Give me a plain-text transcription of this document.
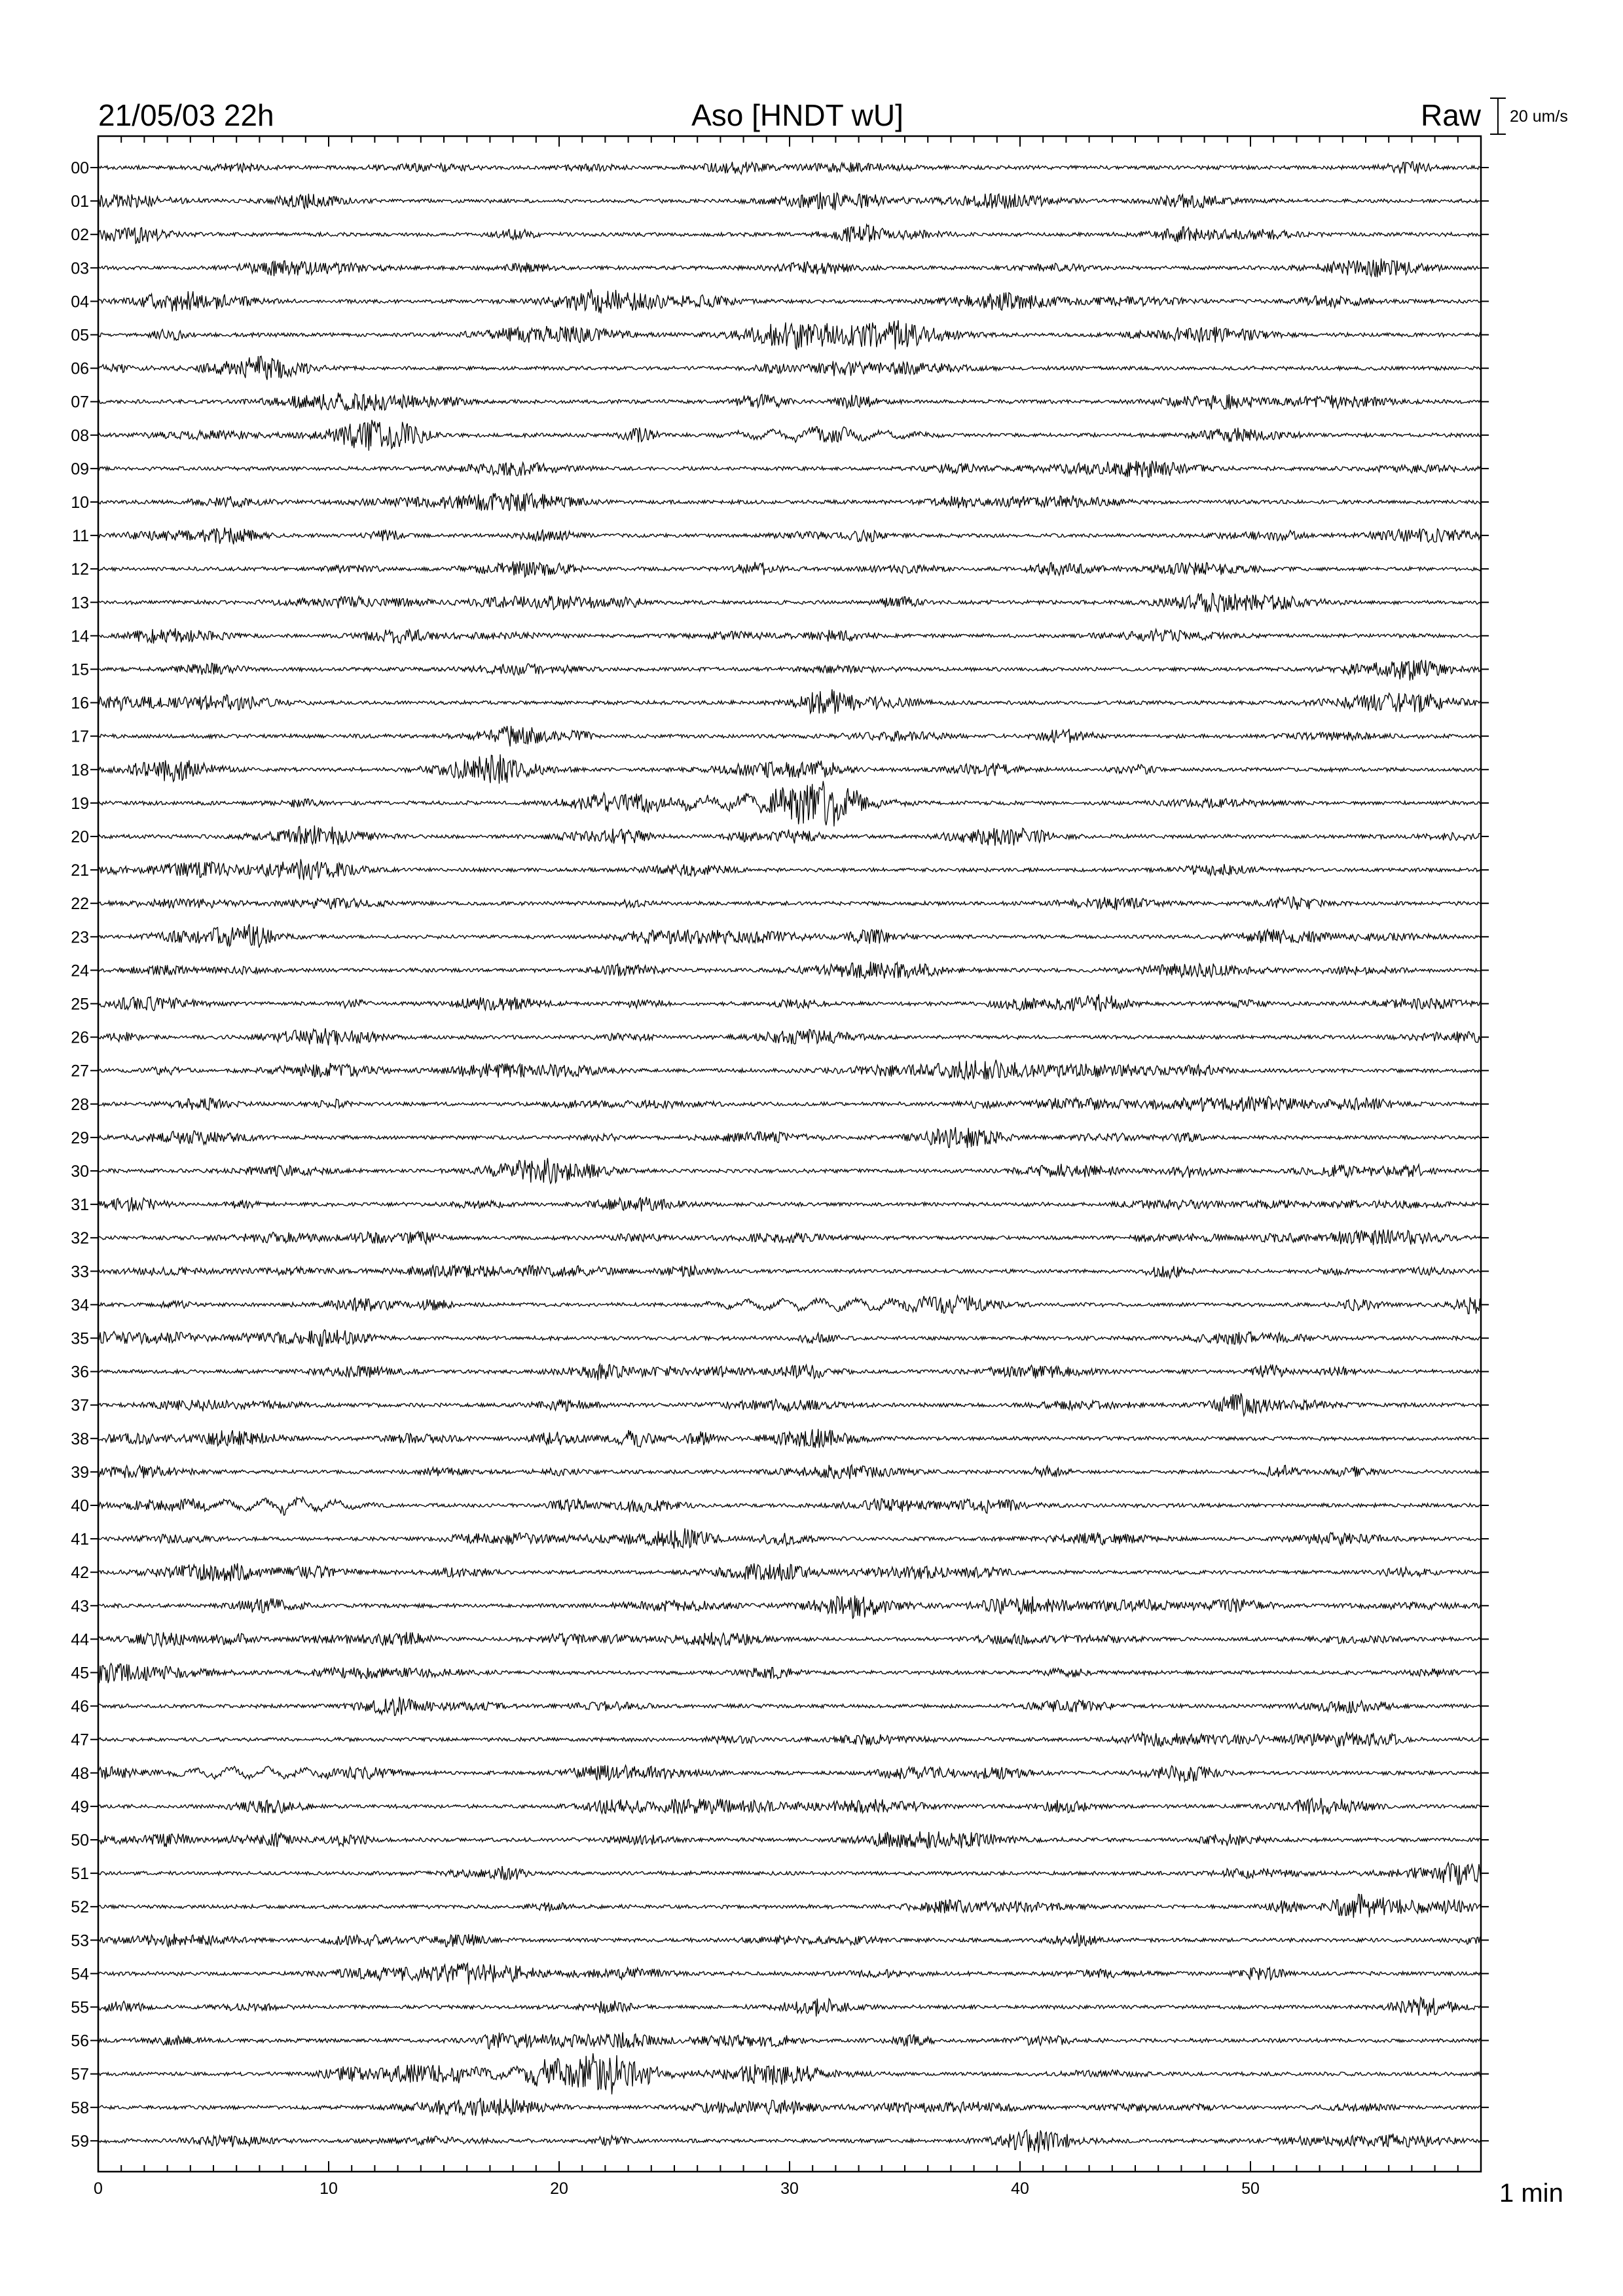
21/05/03 22h	Aso [HNDT wU]	Raw 20 um/s
00
01
02
03
04
05
06
07
08
09
10
11
12
13
14
15
16
17
18
19
20
21
22
23
24
25
26
27
28
29
30
31
32
33
34
35
36
37
38
39
40
41
42
43
44
45
46
47
48
49
50
51
52
53
54
55
56
57
58
59
0	10	20	30	40	50	1 min
